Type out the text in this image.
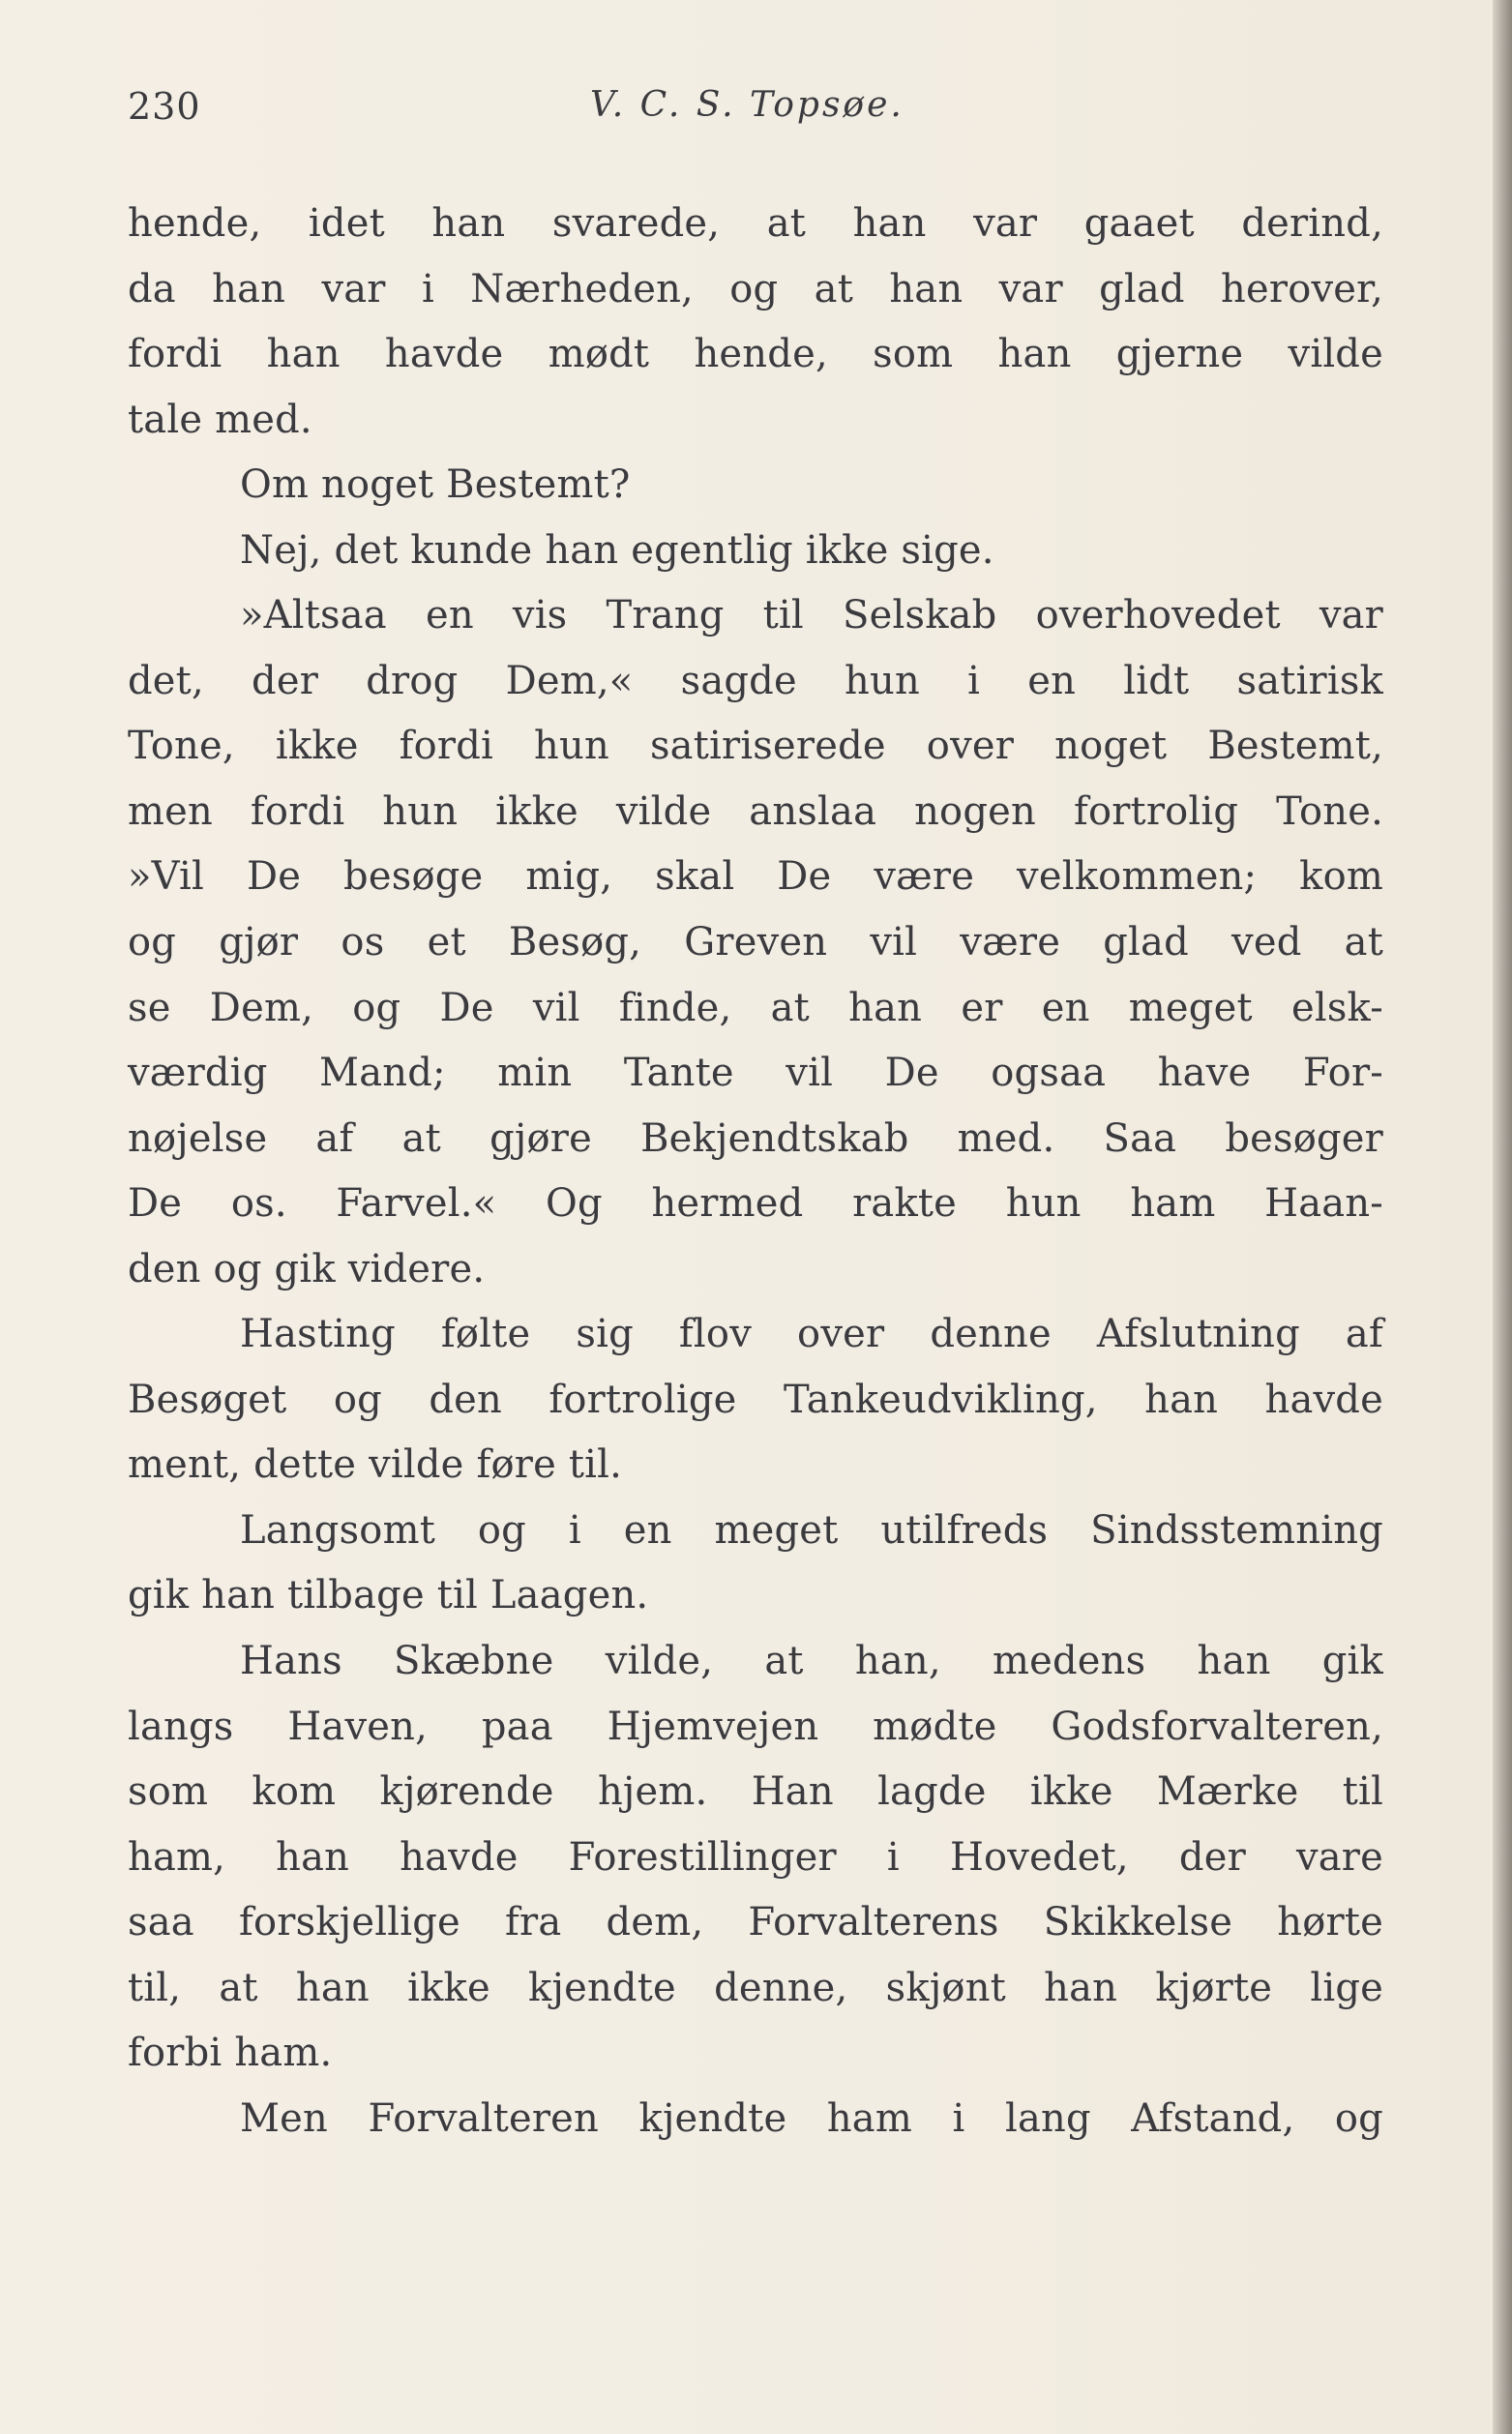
230	V. C. S. Topsøe.
hende, idet han svarede, at han var gaaet derind,
da han var i Nærheden, og at han var glad herover,
fordi han havde mødt hende, som han gjerne vilde
tale med.
Om noget Bestemt?
Nej, det kunde han egentlig ikke sige.
»Altsaa en vis Trang til Selskab overhovedet var
det, der drog Dem,« sagde hun i en lidt satirisk
Tone, ikke fordi hun satiriserede over noget Bestemt,
men fordi hun ikke vilde anslaa nogen fortrolig Tone.
»Vil De besøge mig, skal De være velkommen; kom
og gjør os et Besøg, Greven vil være glad ved at
se Dem, og De vil finde, at han er en meget elsk-
værdig Mand; min Tante vil De ogsaa have For-
nøjelse af at gjøre Bekjendtskab med. Saa besøger
De os. Farvel.« Og hermed rakte hun ham Haan-
den og gik videre.
Hasting følte sig flov over denne Afslutning af
Besøget og den fortrolige Tankeudvikling, han havde
ment, dette vilde føre til.
Langsomt og i en meget utilfreds Sindsstemning
gik han tilbage til Laagen.
Hans Skæbne vilde, at han, medens han gik
langs Haven, paa Hjemvejen mødte Godsforvalteren,
som kom kjørende hjem. Han lagde ikke Mærke til
ham, han havde Forestillinger i Hovedet, der vare
saa forskjellige fra dem, Forvalterens Skikkelse hørte
til, at han ikke kjendte denne, skjønt han kjørte lige
forbi ham.
Men Forvalteren kjendte ham i lang Afstand, og
